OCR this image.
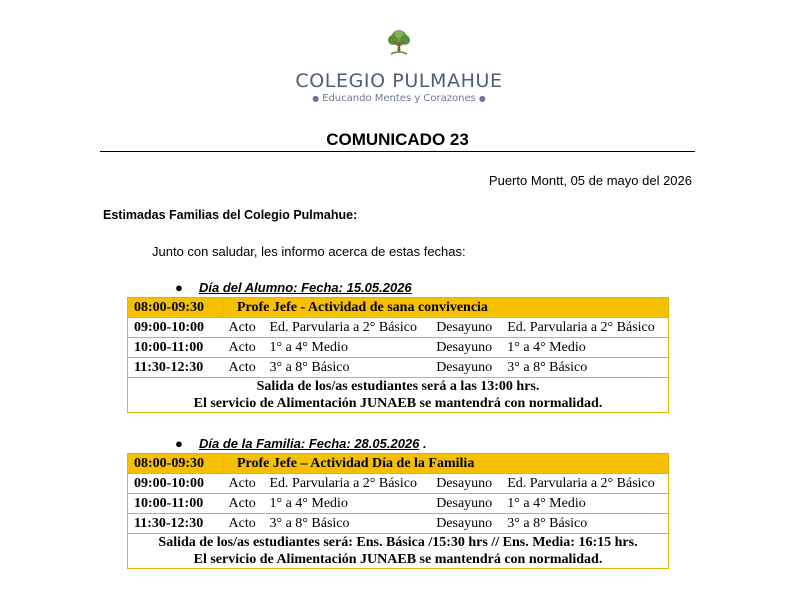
COLEGIO PULMAHUE
● Educando Mentes y Corazones ●
COMUNICADO 23
Puerto Montt, 05 de mayo del 2026
Estimadas Familias del Colegio Pulmahue:
Junto con saludar, les informo acerca de estas fechas:
● Día del Alumno: Fecha: 15.05.2026
08:00-09:30	Profe Jefe - Actividad de sana convivencia			
09:00-10:00	Acto	Ed. Parvularia a 2° Básico	Desayuno	Ed. Parvularia a 2° Básico
10:00-11:00	Acto	1° a 4° Medio	Desayuno	1° a 4° Medio
11:30-12:30	Acto	3° a 8° Básico	Desayuno	3° a 8° Básico
Salida de los/as estudiantes será a las 13:00 hrs.				
El servicio de Alimentación JUNAEB se mantendrá con normalidad.				
● Día de la Familia: Fecha: 28.05.2026 .
08:00-09:30	Profe Jefe – Actividad Día de la Familia			
09:00-10:00	Acto	Ed. Parvularia a 2° Básico	Desayuno	Ed. Parvularia a 2° Básico
10:00-11:00	Acto	1° a 4° Medio	Desayuno	1° a 4° Medio
11:30-12:30	Acto	3° a 8° Básico	Desayuno	3° a 8° Básico
Salida de los/as estudiantes será: Ens. Básica /15:30 hrs // Ens. Media: 16:15 hrs.				
El servicio de Alimentación JUNAEB se mantendrá con normalidad.				
